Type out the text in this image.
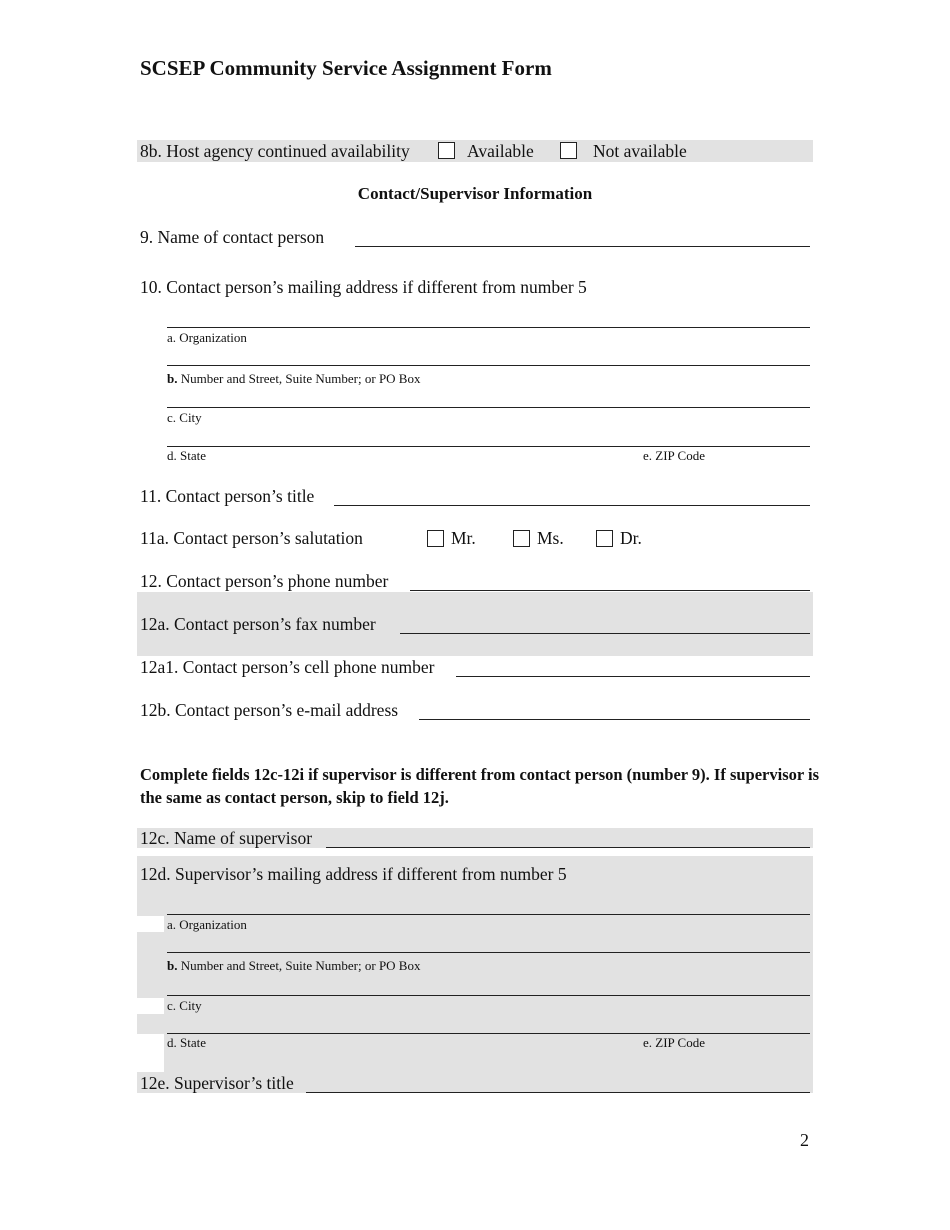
SCSEP Community Service Assignment Form
8b. Host agency continued availability	Available	Not available
Contact/Supervisor Information
9. Name of contact person
10. Contact person’s mailing address if different from number 5
a. Organization
b. Number and Street, Suite Number; or PO Box
c. City
d. State	e. ZIP Code
11. Contact person’s title
11a. Contact person’s salutation	Mr.	Ms.	Dr.
12. Contact person’s phone number
12a. Contact person’s fax number
12a1. Contact person’s cell phone number
12b. Contact person’s e-mail address
Complete fields 12c-12i if supervisor is different from contact person (number 9). If supervisor is the same as contact person, skip to field 12j.
12c. Name of supervisor
12d. Supervisor’s mailing address if different from number 5
a. Organization
b. Number and Street, Suite Number; or PO Box
c. City
d. State	e. ZIP Code
12e. Supervisor’s title
2
